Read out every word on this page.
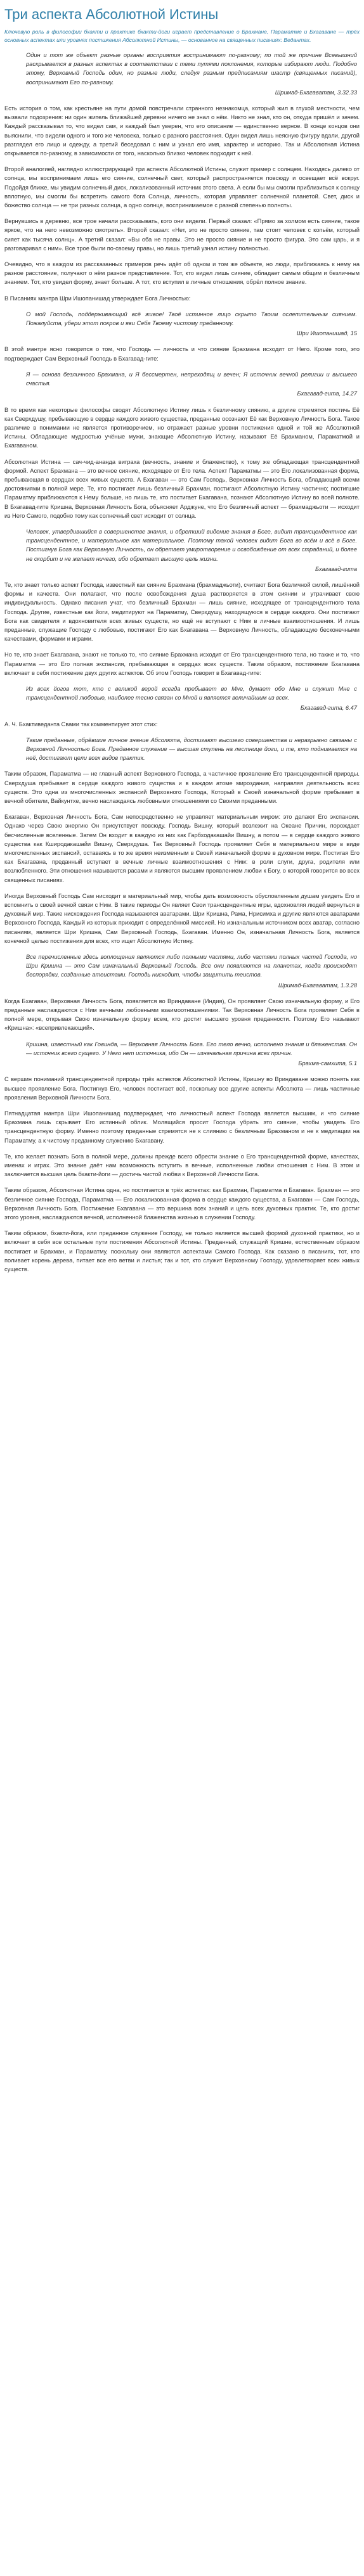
Три аспекта Абсолютной Истины

Ключевую роль в философии бхакти и практике бхакти-йоги играет представление о Брахмане, Параматме и Бхагаване — трёх основных аспектах или уровнях постижения Абсолютной Истины, — основанное на священных писаниях: Ведантах.

Один и тот же объект разные органы восприятия воспринимают по-разному; по той же причине Всевышний раскрывается в разных аспектах в соответствии с теми путями поклонения, которые избирают люди. Подобно этому, Верховный Господь один, но разные люди, следуя разным предписаниям шастр (священных писаний), воспринимают Его по-разному.

Шримад-Бхагаватам, 3.32.33

Есть история о том, как крестьяне на пути домой повстречали странного незнакомца, который жил в глухой местности, чем вызвали подозрения: ни один житель ближайшей деревни ничего не знал о нём. Никто не знал, кто он, откуда пришёл и зачем. Каждый рассказывал то, что видел сам, и каждый был уверен, что его описание — единственно верное. В конце концов они выяснили, что видели одного и того же человека, только с разного расстояния. Один видел лишь неясную фигуру вдали, другой разглядел его лицо и одежду, а третий беседовал с ним и узнал его имя, характер и историю. Так и Абсолютная Истина открывается по-разному, в зависимости от того, насколько близко человек подходит к ней.

Второй аналогией, наглядно иллюстрирующей три аспекта Абсолютной Истины, служит пример с солнцем. Находясь далеко от солнца, мы воспринимаем лишь его сияние, солнечный свет, который распространяется повсюду и освещает всё вокруг. Подойдя ближе, мы увидим солнечный диск, локализованный источник этого света. А если бы мы смогли приблизиться к солнцу вплотную, мы смогли бы встретить самого бога Солнца, личность, которая управляет солнечной планетой. Свет, диск и божество солнца — не три разных солнца, а одно солнце, воспринимаемое с разной степенью полноты.

Вернувшись в деревню, все трое начали рассказывать, кого они видели. Первый сказал: «Прямо за холмом есть сияние, такое яркое, что на него невозможно смотреть». Второй сказал: «Нет, это не просто сияние, там стоит человек с копьём, который сияет как тысяча солнц». А третий сказал: «Вы оба не правы. Это не просто сияние и не просто фигура. Это сам царь, и я разговаривал с ним». Все трое были по-своему правы, но лишь третий узнал истину полностью.

Очевидно, что в каждом из рассказанных примеров речь идёт об одном и том же объекте, но люди, приближаясь к нему на разное расстояние, получают о нём разное представление. Тот, кто видел лишь сияние, обладает самым общим и безличным знанием. Тот, кто увидел форму, знает больше. А тот, кто вступил в личные отношения, обрёл полное знание.

В Писаниях мантра Шри Ишопанишад утверждает Бога Личностью:

О мой Господь, поддерживающий всё живое! Твоё истинное лицо скрыто Твоим ослепительным сиянием. Пожалуйста, убери этот покров и яви Себя Твоему чистому преданному.

Шри Ишопанишад, 15

В этой мантре ясно говорится о том, что Господь — личность и что сияние Брахмана исходит от Него. Кроме того, это подтверждает Сам Верховный Господь в Бхагавад-гите:

Я — основа безличного Брахмана, и Я бессмертен, непреходящ и вечен; Я источник вечной религии и высшего счастья.

Бхагавад-гита, 14.27

В то время как некоторые философы сводят Абсолютную Истину лишь к безличному сиянию, а другие стремятся постичь Её как Сверхдушу, пребывающую в сердце каждого живого существа, преданные осознают Её как Верховную Личность Бога. Такое различие в понимании не является противоречием, но отражает разные уровни постижения одной и той же Абсолютной Истины. Обладающие мудростью учёные мужи, знающие Абсолютную Истину, называют Её Брахманом, Параматмой и Бхагаваном.

Абсолютная Истина — сач-чид-ананда виграха (вечность, знание и блаженство), к тому же обладающая трансцендентной формой. Аспект Брахмана — это вечное сияние, исходящее от Его тела. Аспект Параматмы — это Его локализованная форма, пребывающая в сердцах всех живых существ. А Бхагаван — это Сам Господь, Верховная Личность Бога, обладающий всеми достояниями в полной мере. Те, кто постигает лишь безличный Брахман, постигают Абсолютную Истину частично; постигшие Параматму приближаются к Нему больше, но лишь те, кто постигает Бхагавана, познают Абсолютную Истину во всей полноте. В Бхагавад-гите Кришна, Верховная Личность Бога, объясняет Арджуне, что Его безличный аспект — брахмаджьоти — исходит из Него Самого, подобно тому как солнечный свет исходит от солнца.

Человек, утвердившийся в совершенстве знания, и обретший видение знания в Боге, видит трансцендентное как трансцендентное, и материальное как материальное. Поэтому такой человек видит Бога во всём и всё в Боге. Постигнув Бога как Верховную Личность, он обретает умиротворение и освобождение от всех страданий, и более не скорбит и не желает ничего, ибо обретает высшую цель жизни.

Бхагавад-гита

Те, кто знает только аспект Господа, известный как сияние Брахмана (брахмаджьоти), считают Бога безличной силой, лишённой формы и качеств. Они полагают, что после освобождения душа растворяется в этом сиянии и утрачивает свою индивидуальность. Однако писания учат, что безличный Брахман — лишь сияние, исходящее от трансцендентного тела Господа. Другие, известные как йоги, медитируют на Параматму, Сверхдушу, находящуюся в сердце каждого. Они постигают Бога как свидетеля и вдохновителя всех живых существ, но ещё не вступают с Ним в личные взаимоотношения. И лишь преданные, служащие Господу с любовью, постигают Его как Бхагавана — Верховную Личность, обладающую бесконечными качествами, формами и играми.

Но те, кто знает Бхагавана, знают не только то, что сияние Брахмана исходит от Его трансцендентного тела, но также и то, что Параматма — это Его полная экспансия, пребывающая в сердцах всех существ. Таким образом, постижение Бхагавана включает в себя постижение двух других аспектов. Об этом Господь говорит в Бхагавад-гите:

Из всех йогов тот, кто с великой верой всегда пребывает во Мне, думает обо Мне и служит Мне с трансцендентной любовью, наиболее тесно связан со Мной и является величайшим из всех.

Бхагавад-гита, 6.47

А. Ч. Бхактиведанта Свами так комментирует этот стих:

Такие преданные, обрёвшие личное знание Абсолюта, достигают высшего совершенства и неразрывно связаны с Верховной Личностью Бога. Преданное служение — высшая ступень на лестнице йоги, и те, кто поднимается на неё, достигают цели всех видов практик.

Таким образом, Параматма — не главный аспект Верховного Господа, а частичное проявление Его трансцендентной природы. Сверхдуша пребывает в сердце каждого живого существа и в каждом атоме мироздания, направляя деятельность всех существ. Это одна из многочисленных экспансий Верховного Господа, Который в Своей изначальной форме пребывает в вечной обители, Вайкунтхе, вечно наслаждаясь любовными отношениями со Своими преданными.

Бхагаван, Верховная Личность Бога, Сам непосредственно не управляет материальным миром: это делают Его экспансии. Однако через Свою энергию Он присутствует повсюду. Господь Вишну, который возлежит на Океане Причин, порождает бесчисленные вселенные. Затем Он входит в каждую из них как Гарбходакашайи Вишну, а потом — в сердце каждого живого существа как Кширодакашайи Вишну, Сверхдуша. Так Верховный Господь проявляет Себя в материальном мире в виде многочисленных экспансий, оставаясь в то же время неизменным в Своей изначальной форме в духовном мире. Постигая Его как Бхагавана, преданный вступает в вечные личные взаимоотношения с Ним: в роли слуги, друга, родителя или возлюбленного. Эти отношения называются расами и являются высшим проявлением любви к Богу, о которой говорится во всех священных писаниях.

Иногда Верховный Господь Сам нисходит в материальный мир, чтобы дать возможность обусловленным душам увидеть Его и вспомнить о своей вечной связи с Ним. В такие периоды Он являет Свои трансцендентные игры, вдохновляя людей вернуться в духовный мир. Такие нисхождения Господа называются аватарами. Шри Кришна, Рама, Нрисимха и другие являются аватарами Верховного Господа, Каждый из которых приходит с определённой миссией. Но изначальным источником всех аватар, согласно писаниям, является Шри Кришна, Сам Верховный Господь, Бхагаван. Именно Он, изначальная Личность Бога, является конечной целью постижения для всех, кто ищет Абсолютную Истину.

Все перечисленные здесь воплощения являются либо полными частями, либо частями полных частей Господа, но Шри Кришна — это Сам изначальный Верховный Господь. Все они появляются на планетах, когда происходят беспорядки, созданные атеистами. Господь нисходит, чтобы защитить теистов.

Шримад-Бхагаватам, 1.3.28

Когда Бхагаван, Верховная Личность Бога, появляется во Вриндаване (Индия), Он проявляет Свою изначальную форму, и Его преданные наслаждаются с Ним вечными любовными взаимоотношениями. Так Верховная Личность Бога проявляет Себя в полной мере, открывая Свою изначальную форму всем, кто достиг высшего уровня преданности. Поэтому Его называют «Кришна»: «всепривлекающий».

Кришна, известный как Говинда, — Верховная Личность Бога. Его тело вечно, исполнено знания и блаженства. Он — источник всего сущего. У Него нет источника, ибо Он — изначальная причина всех причин.

Брахма-самхита, 5.1

С вершин пониманий трансцендентной природы трёх аспектов Абсолютной Истины, Кришну во Вриндаване можно понять как высшее проявление Бога. Постигнув Его, человек постигает всё, поскольку все другие аспекты Абсолюта — лишь частичные проявления Верховной Личности Бога.

Пятнадцатая мантра Шри Ишопанишад подтверждает, что личностный аспект Господа является высшим, и что сияние Брахмана лишь скрывает Его истинный облик. Молящийся просит Господа убрать это сияние, чтобы увидеть Его трансцендентную форму. Именно поэтому преданные стремятся не к слиянию с безличным Брахманом и не к медитации на Параматму, а к чистому преданному служению Бхагавану.

Те, кто желает познать Бога в полной мере, должны прежде всего обрести знание о Его трансцендентной форме, качествах, именах и играх. Это знание даёт нам возможность вступить в вечные, исполненные любви отношения с Ним. В этом и заключается высшая цель бхакти-йоги — достичь чистой любви к Верховной Личности Бога.

Таким образом, Абсолютная Истина одна, но постигается в трёх аспектах: как Брахман, Параматма и Бхагаван. Брахман — это безличное сияние Господа, Параматма — Его локализованная форма в сердце каждого существа, а Бхагаван — Сам Господь, Верховная Личность Бога. Постижение Бхагавана — это вершина всех знаний и цель всех духовных практик. Те, кто достиг этого уровня, наслаждаются вечной, исполненной блаженства жизнью в служении Господу.

Таким образом, бхакти-йога, или преданное служение Господу, не только является высшей формой духовной практики, но и включает в себя все остальные пути постижения Абсолютной Истины. Преданный, служащий Кришне, естественным образом постигает и Брахман, и Параматму, поскольку они являются аспектами Самого Господа. Как сказано в писаниях, тот, кто поливает корень дерева, питает все его ветви и листья; так и тот, кто служит Верховному Господу, удовлетворяет всех живых существ.
